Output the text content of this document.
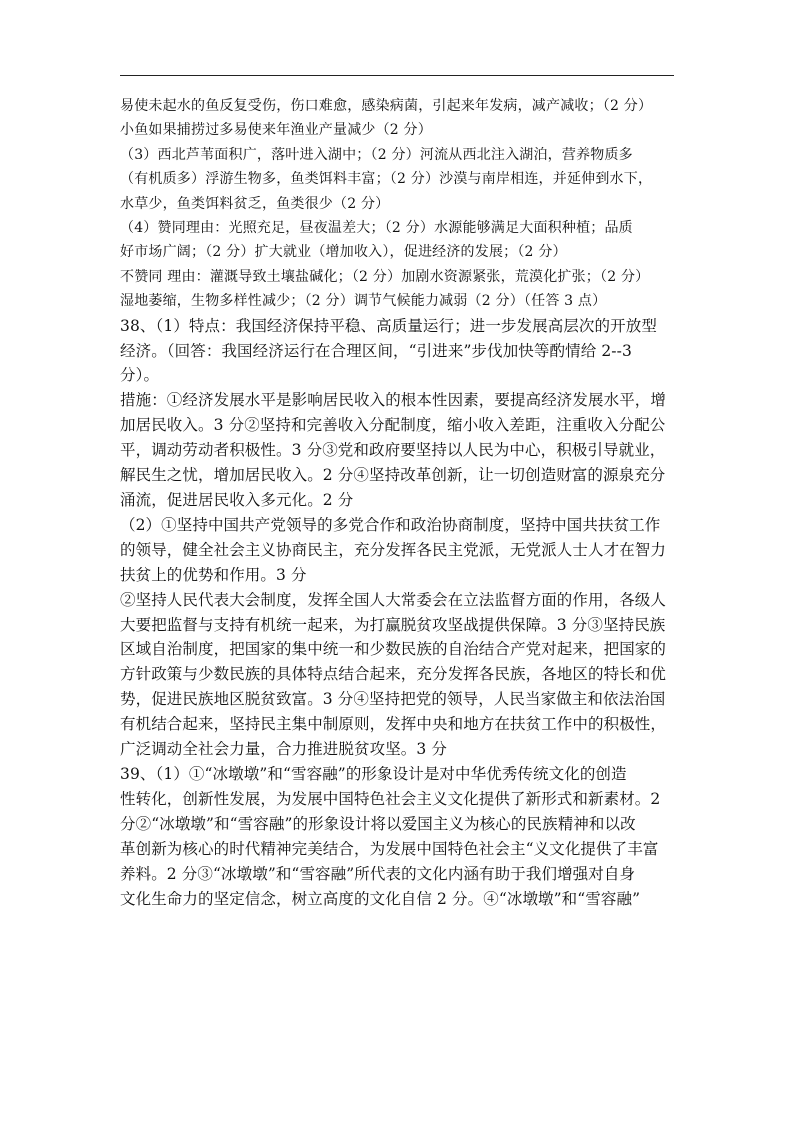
易使未起水的鱼反复受伤，伤口难愈，感染病菌，引起来年发病，减产减收；（2 分）
小鱼如果捕捞过多易使来年渔业产量减少（2 分）
（3）西北芦苇面积广，落叶进入湖中；（2 分）河流从西北注入湖泊，营养物质多
（有机质多）浮游生物多，鱼类饵料丰富；（2 分）沙漠与南岸相连，并延伸到水下，
水草少，鱼类饵料贫乏，鱼类很少（2 分）
（4）赞同理由：光照充足，昼夜温差大；（2 分）水源能够满足大面积种植；品质
好市场广阔；（2 分）扩大就业（增加收入），促进经济的发展；（2 分）
不赞同 理由：灌溉导致土壤盐碱化；（2 分）加剧水资源紧张，荒漠化扩张；（2 分）
湿地萎缩，生物多样性减少；（2 分）调节气候能力减弱（2 分）（任答 3 点）
38、（1）特点：我国经济保持平稳、高质量运行；进一步发展高层次的开放型
经济。（回答：我国经济运行在合理区间，“引进来”步伐加快等酌情给 2--3
分）。
措施：①经济发展水平是影响居民收入的根本性因素，要提高经济发展水平，增
加居民收入。3 分②坚持和完善收入分配制度，缩小收入差距，注重收入分配公
平，调动劳动者积极性。3 分③党和政府要坚持以人民为中心，积极引导就业，
解民生之忧，增加居民收入。2 分④坚持改革创新，让一切创造财富的源泉充分
涌流，促进居民收入多元化。2 分
（2）①坚持中国共产党领导的多党合作和政治协商制度，坚持中国共扶贫工作
的领导，健全社会主义协商民主，充分发挥各民主党派，无党派人士人才在智力
扶贫上的优势和作用。3 分
②坚持人民代表大会制度，发挥全国人大常委会在立法监督方面的作用，各级人
大要把监督与支持有机统一起来，为打赢脱贫攻坚战提供保障。3 分③坚持民族
区域自治制度，把国家的集中统一和少数民族的自治结合产党对起来，把国家的
方针政策与少数民族的具体特点结合起来，充分发挥各民族，各地区的特长和优
势，促进民族地区脱贫致富。3 分④坚持把党的领导，人民当家做主和依法治国
有机结合起来，坚持民主集中制原则，发挥中央和地方在扶贫工作中的积极性，
广泛调动全社会力量，合力推进脱贫攻坚。3 分
39、（1）①“冰墩墩”和“雪容融”的形象设计是对中华优秀传统文化的创造
性转化，创新性发展，为发展中国特色社会主义文化提供了新形式和新素材。2
分②“冰墩墩”和“雪容融”的形象设计将以爱国主义为核心的民族精神和以改
革创新为核心的时代精神完美结合，为发展中国特色社会主“义文化提供了丰富
养料。2 分③“冰墩墩”和“雪容融”所代表的文化内涵有助于我们增强对自身
文化生命力的坚定信念，树立高度的文化自信 2 分。④“冰墩墩”和“雪容融”
